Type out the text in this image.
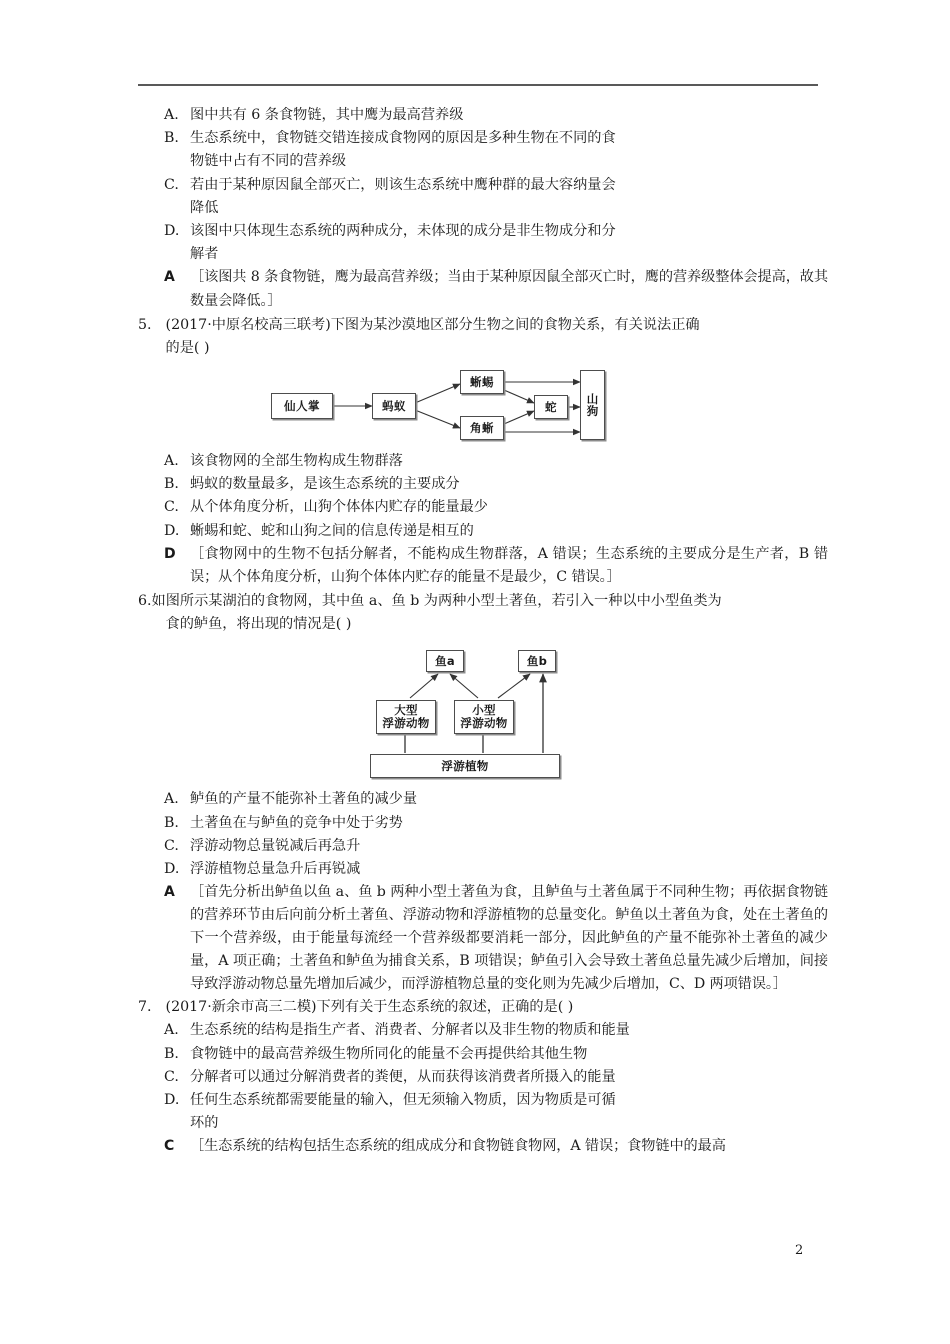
A. 图中共有 6 条食物链，其中鹰为最高营养级
B. 生态系统中，食物链交错连接成食物网的原因是多种生物在不同的食
物链中占有不同的营养级
C. 若由于某种原因鼠全部灭亡，则该生态系统中鹰种群的最大容纳量会
降低
D. 该图中只体现生态系统的两种成分，未体现的成分是非生物成分和分
解者
A	［该图共 8 条食物链，鹰为最高营养级；当由于某种原因鼠全部灭亡时，鹰的营养级整体会提高，故其数量会降低。］
5. (2017·中原名校高三联考)下图为某沙漠地区部分生物之间的食物关系，有关说法正确
的是( )
仙人掌	蚂蚁
蜥蜴
角蜥
蛇 山狗
A. 该食物网的全部生物构成生物群落
B. 蚂蚁的数量最多，是该生态系统的主要成分
C. 从个体角度分析，山狗个体体内贮存的能量最少
D. 蜥蜴和蛇、蛇和山狗之间的信息传递是相互的
D	［食物网中的生物不包括分解者，不能构成生物群落，A 错误；生态系统的主要成分是生产者，B 错误；从个体角度分析，山狗个体体内贮存的能量不是最少，C 错误。］
6. 如图所示某湖泊的食物网，其中鱼 a、鱼 b 为两种小型土著鱼，若引入一种以中小型鱼类为
食的鲈鱼，将出现的情况是( )
鱼a	鱼b
大型
浮游动物
小型
浮游动物
浮游植物
A. 鲈鱼的产量不能弥补土著鱼的减少量
B. 土著鱼在与鲈鱼的竞争中处于劣势
C. 浮游动物总量锐减后再急升
D. 浮游植物总量急升后再锐减
A	［首先分析出鲈鱼以鱼 a、鱼 b 两种小型土著鱼为食，且鲈鱼与土著鱼属于不同种生物；再依据食物链的营养环节由后向前分析土著鱼、浮游动物和浮游植物的总量变化。鲈鱼以土著鱼为食，处在土著鱼的下一个营养级，由于能量每流经一个营养级都要消耗一部分，因此鲈鱼的产量不能弥补土著鱼的减少量，A 项正确；土著鱼和鲈鱼为捕食关系，B 项错误；鲈鱼引入会导致土著鱼总量先减少后增加，间接导致浮游动物总量先增加后减少，而浮游植物总量的变化则为先减少后增加，C、D 两项错误。］
7. (2017·新余市高三二模)下列有关于生态系统的叙述，正确的是( )
A. 生态系统的结构是指生产者、消费者、分解者以及非生物的物质和能量
B. 食物链中的最高营养级生物所同化的能量不会再提供给其他生物
C. 分解者可以通过分解消费者的粪便，从而获得该消费者所摄入的能量
D. 任何生态系统都需要能量的输入，但无须输入物质，因为物质是可循
环的
C	［生态系统的结构包括生态系统的组成成分和食物链食物网，A 错误；食物链中的最高
2
